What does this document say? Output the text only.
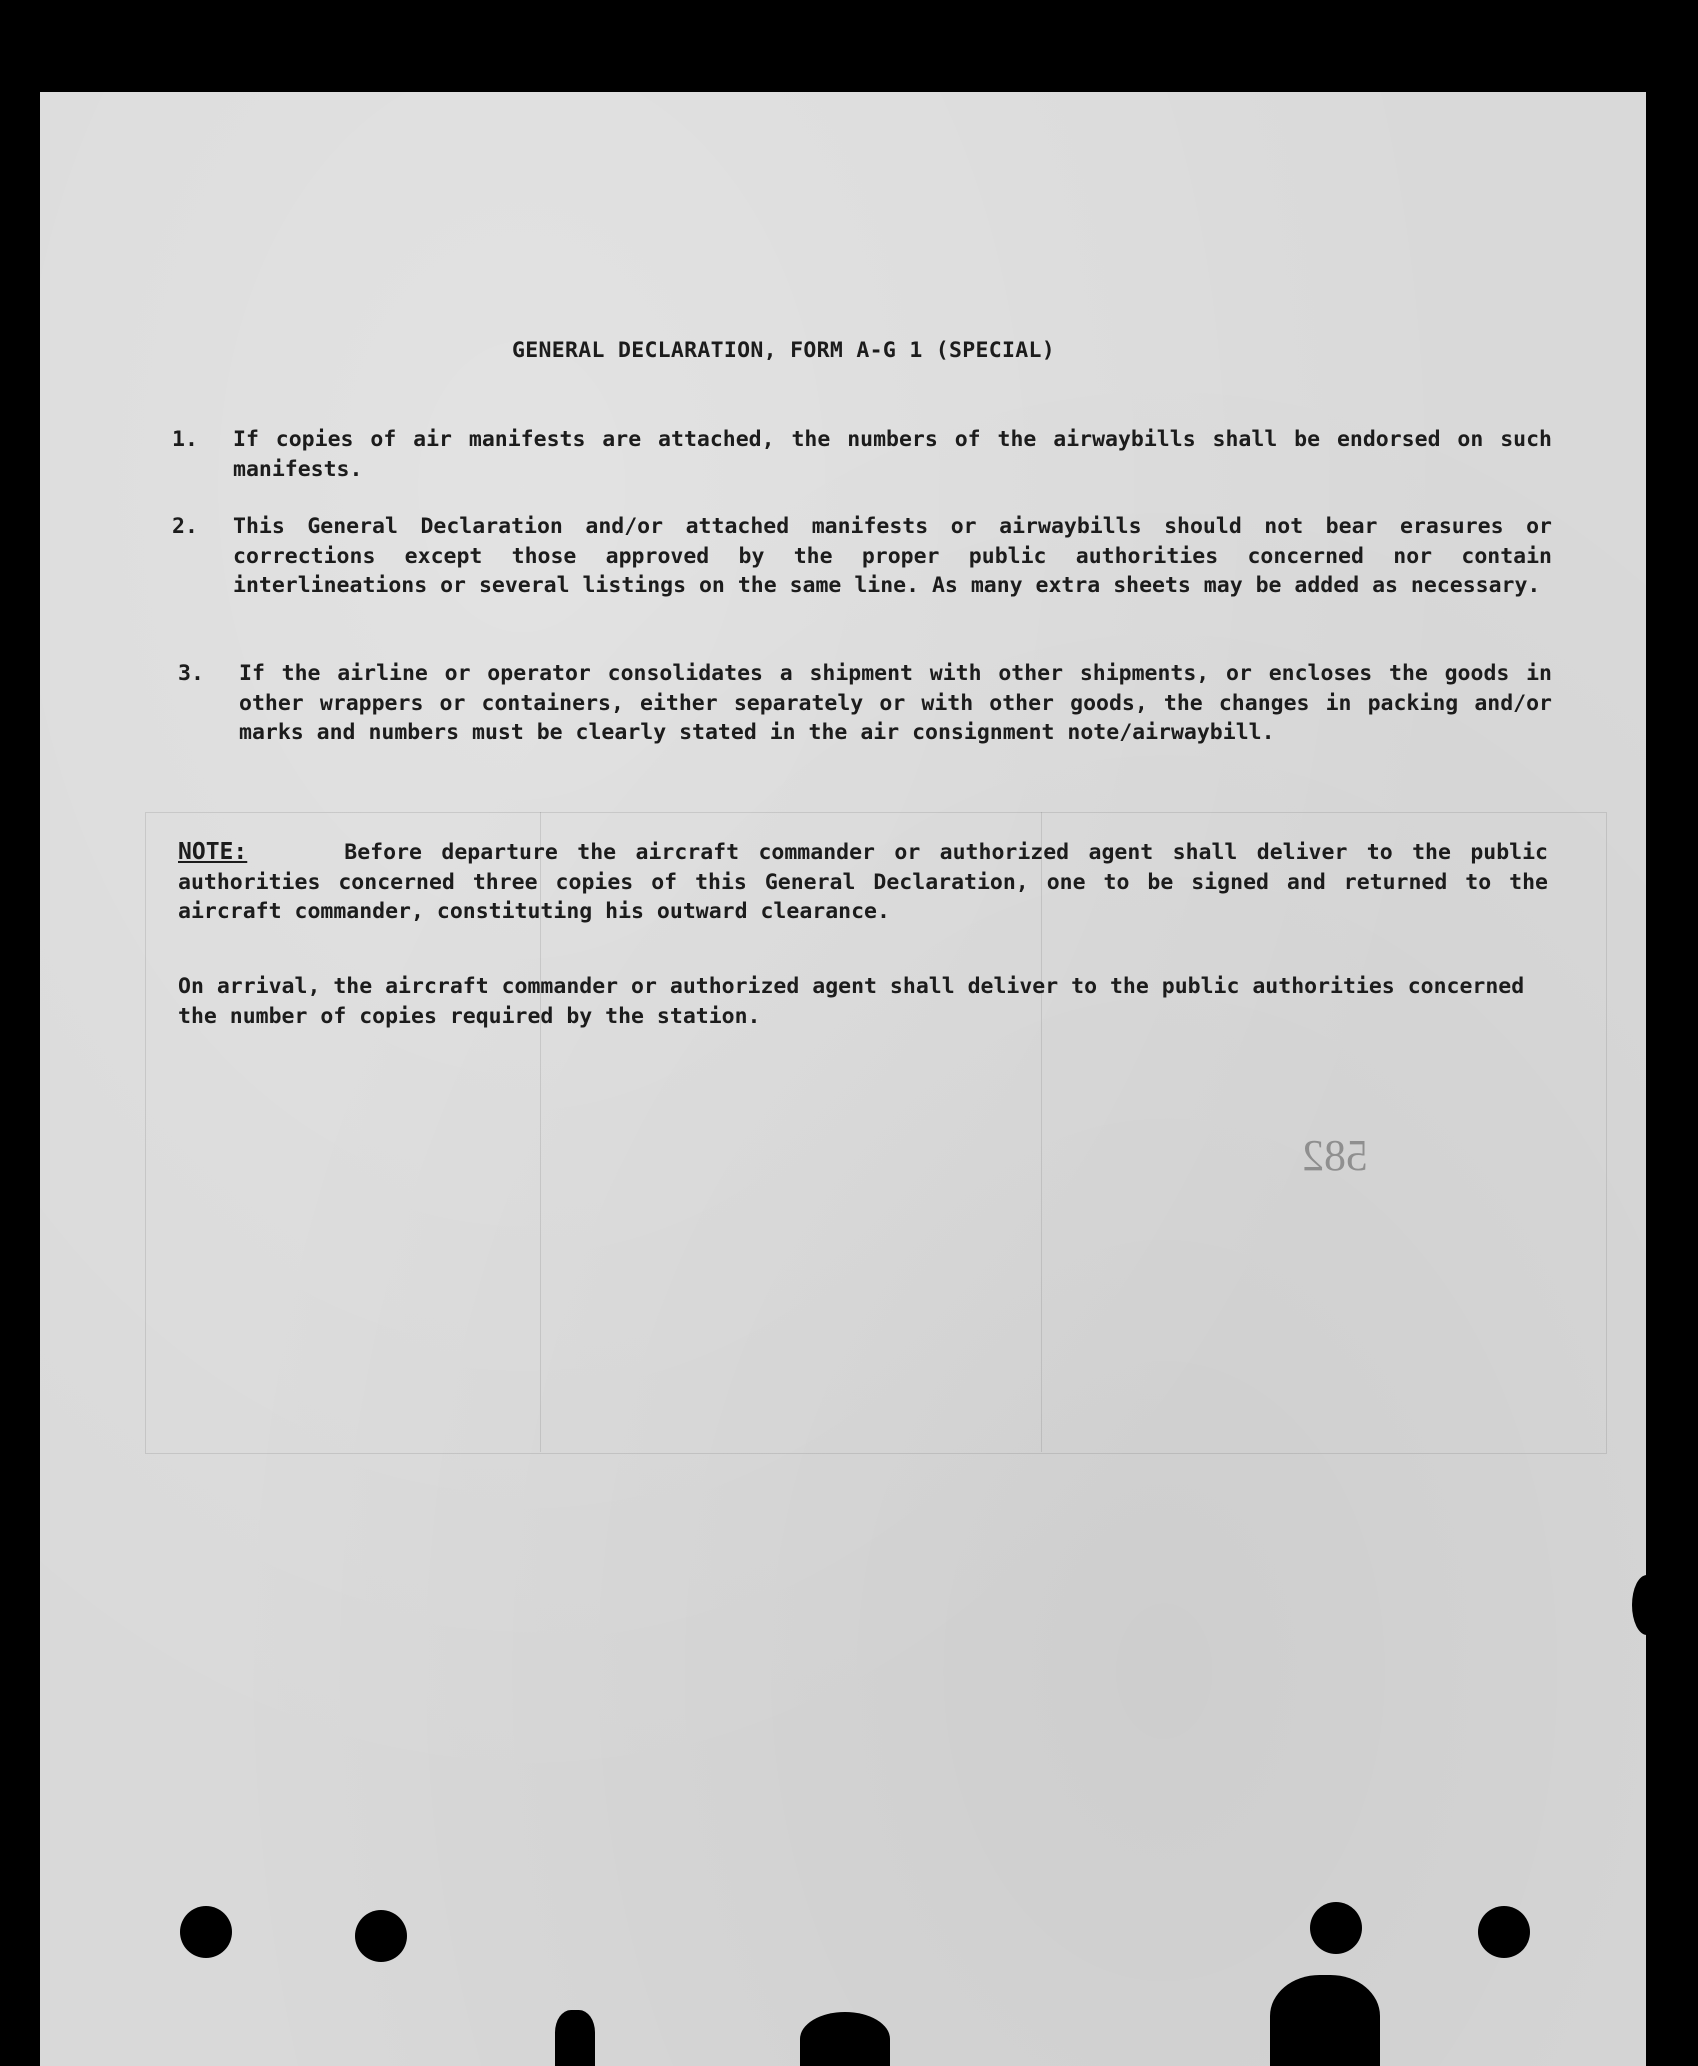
GENERAL DECLARATION, FORM A-G 1 (SPECIAL)
1. If copies of air manifests are attached, the numbers of the airwaybills shall be endorsed on such manifests.
2. This General Declaration and/or attached manifests or airwaybills should not bear erasures or corrections except those approved by the proper public authorities concerned nor contain interlineations or several listings on the same line. As many extra sheets may be added as necessary.
3. If the airline or operator consolidates a shipment with other shipments, or encloses the goods in other wrappers or containers, either separately or with other goods, the changes in packing and/or marks and numbers must be clearly stated in the air consignment note/airwaybill.
NOTE:	Before departure the aircraft commander or authorized agent shall deliver to the public authorities concerned three copies of this General Declaration, one to be signed and returned to the aircraft commander, constituting his outward clearance.
On arrival, the aircraft commander or authorized agent shall deliver to the public authorities concerned the number of copies required by the station.
582
